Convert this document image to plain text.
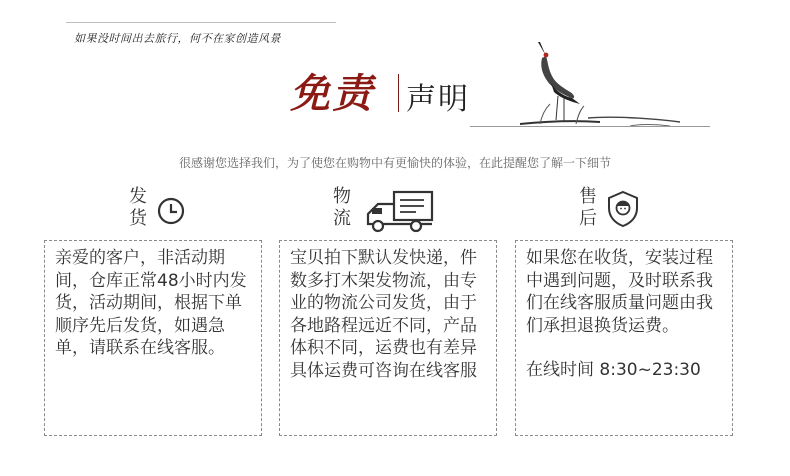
如果没时间出去旅行，何不在家创造风景
免责 声明
很感谢您选择我们，为了使您在购物中有更愉快的体验，在此提醒您了解一下细节
发
货

亲爱的客户，非活动期间，仓库正常48小时内发货，活动期间，根据下单顺序先后发货，如遇急单，请联系在线客服。

物
流

宝贝拍下默认发快递，件数多打木架发物流，由专业的物流公司发货，由于各地路程远近不同，产品体积不同，运费也有差异具体运费可咨询在线客服

售
后

如果您在收货，安装过程中遇到问题，及时联系我们在线客服质量问题由我们承担退换货运费。

在线时间 8:30~23:30
